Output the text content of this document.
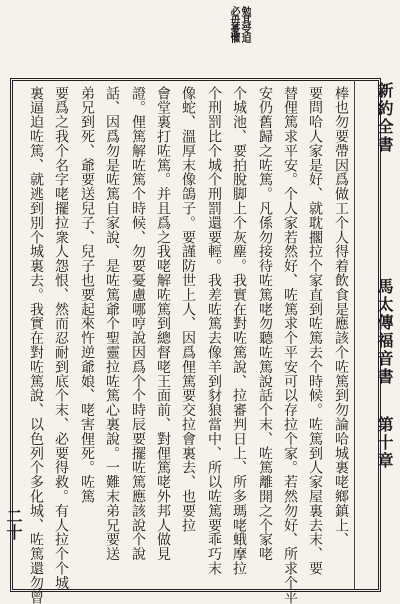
勉其受迫
必毋憂懼
新約全書
馬太傳福音書
第十章
棒也勿要帶因爲做工个人得着飲食是應該个咗篤到勿論哈城裏咾鄉鎮上、
要問哈人家是好、就耽擱拉个家直到咗篤去个時候。咗篤到人家屋裏去末、要
替俚篤求平安。个人家若然好、咗篤求个平安可以存拉个家。若然勿好、所求个平
安仍舊歸之咗篤。凡係勿接待咗篤咾勿聽咗篤說話个末、咗篤離開之个家咾
个城池、要拍脫脚上个灰塵。我實在對咗篤說、拉審判日上、所多瑪咾蛾摩拉
个刑罰比个城个刑罰還要輕。我差咗篤去像羊到豺狼當中、所以咗篤要乖巧末
像蛇、溫厚末像鴿子。要謹防世上人、因爲俚篤要交拉會裏去、也要拉
會堂裏打咗篤。并且爲之我咾解咗篤到總督咾王面前、對俚篤咾外邦人做見
證。俚篤解咗篤个時候、勿要憂慮哪哼說因爲个个時辰要擺咗篤應該說个說
話、因爲勿是咗篤自家說、是咗篤爺个聖靈拉咗篤心裏說。一難末弟兄要送
弟兄到死、爺要送兒子、兒子也要起來忤逆爺娘、咾害俚死。咗篤
要爲之我个名字咾擺拉衆人怨恨、然而忍耐到底个末、必要得救。有人拉个个城
裏逼迫咗篤、就逃到別个城裏去。我實在對咗篤說、以色列个多化城、咗篤還勿曾
二十
